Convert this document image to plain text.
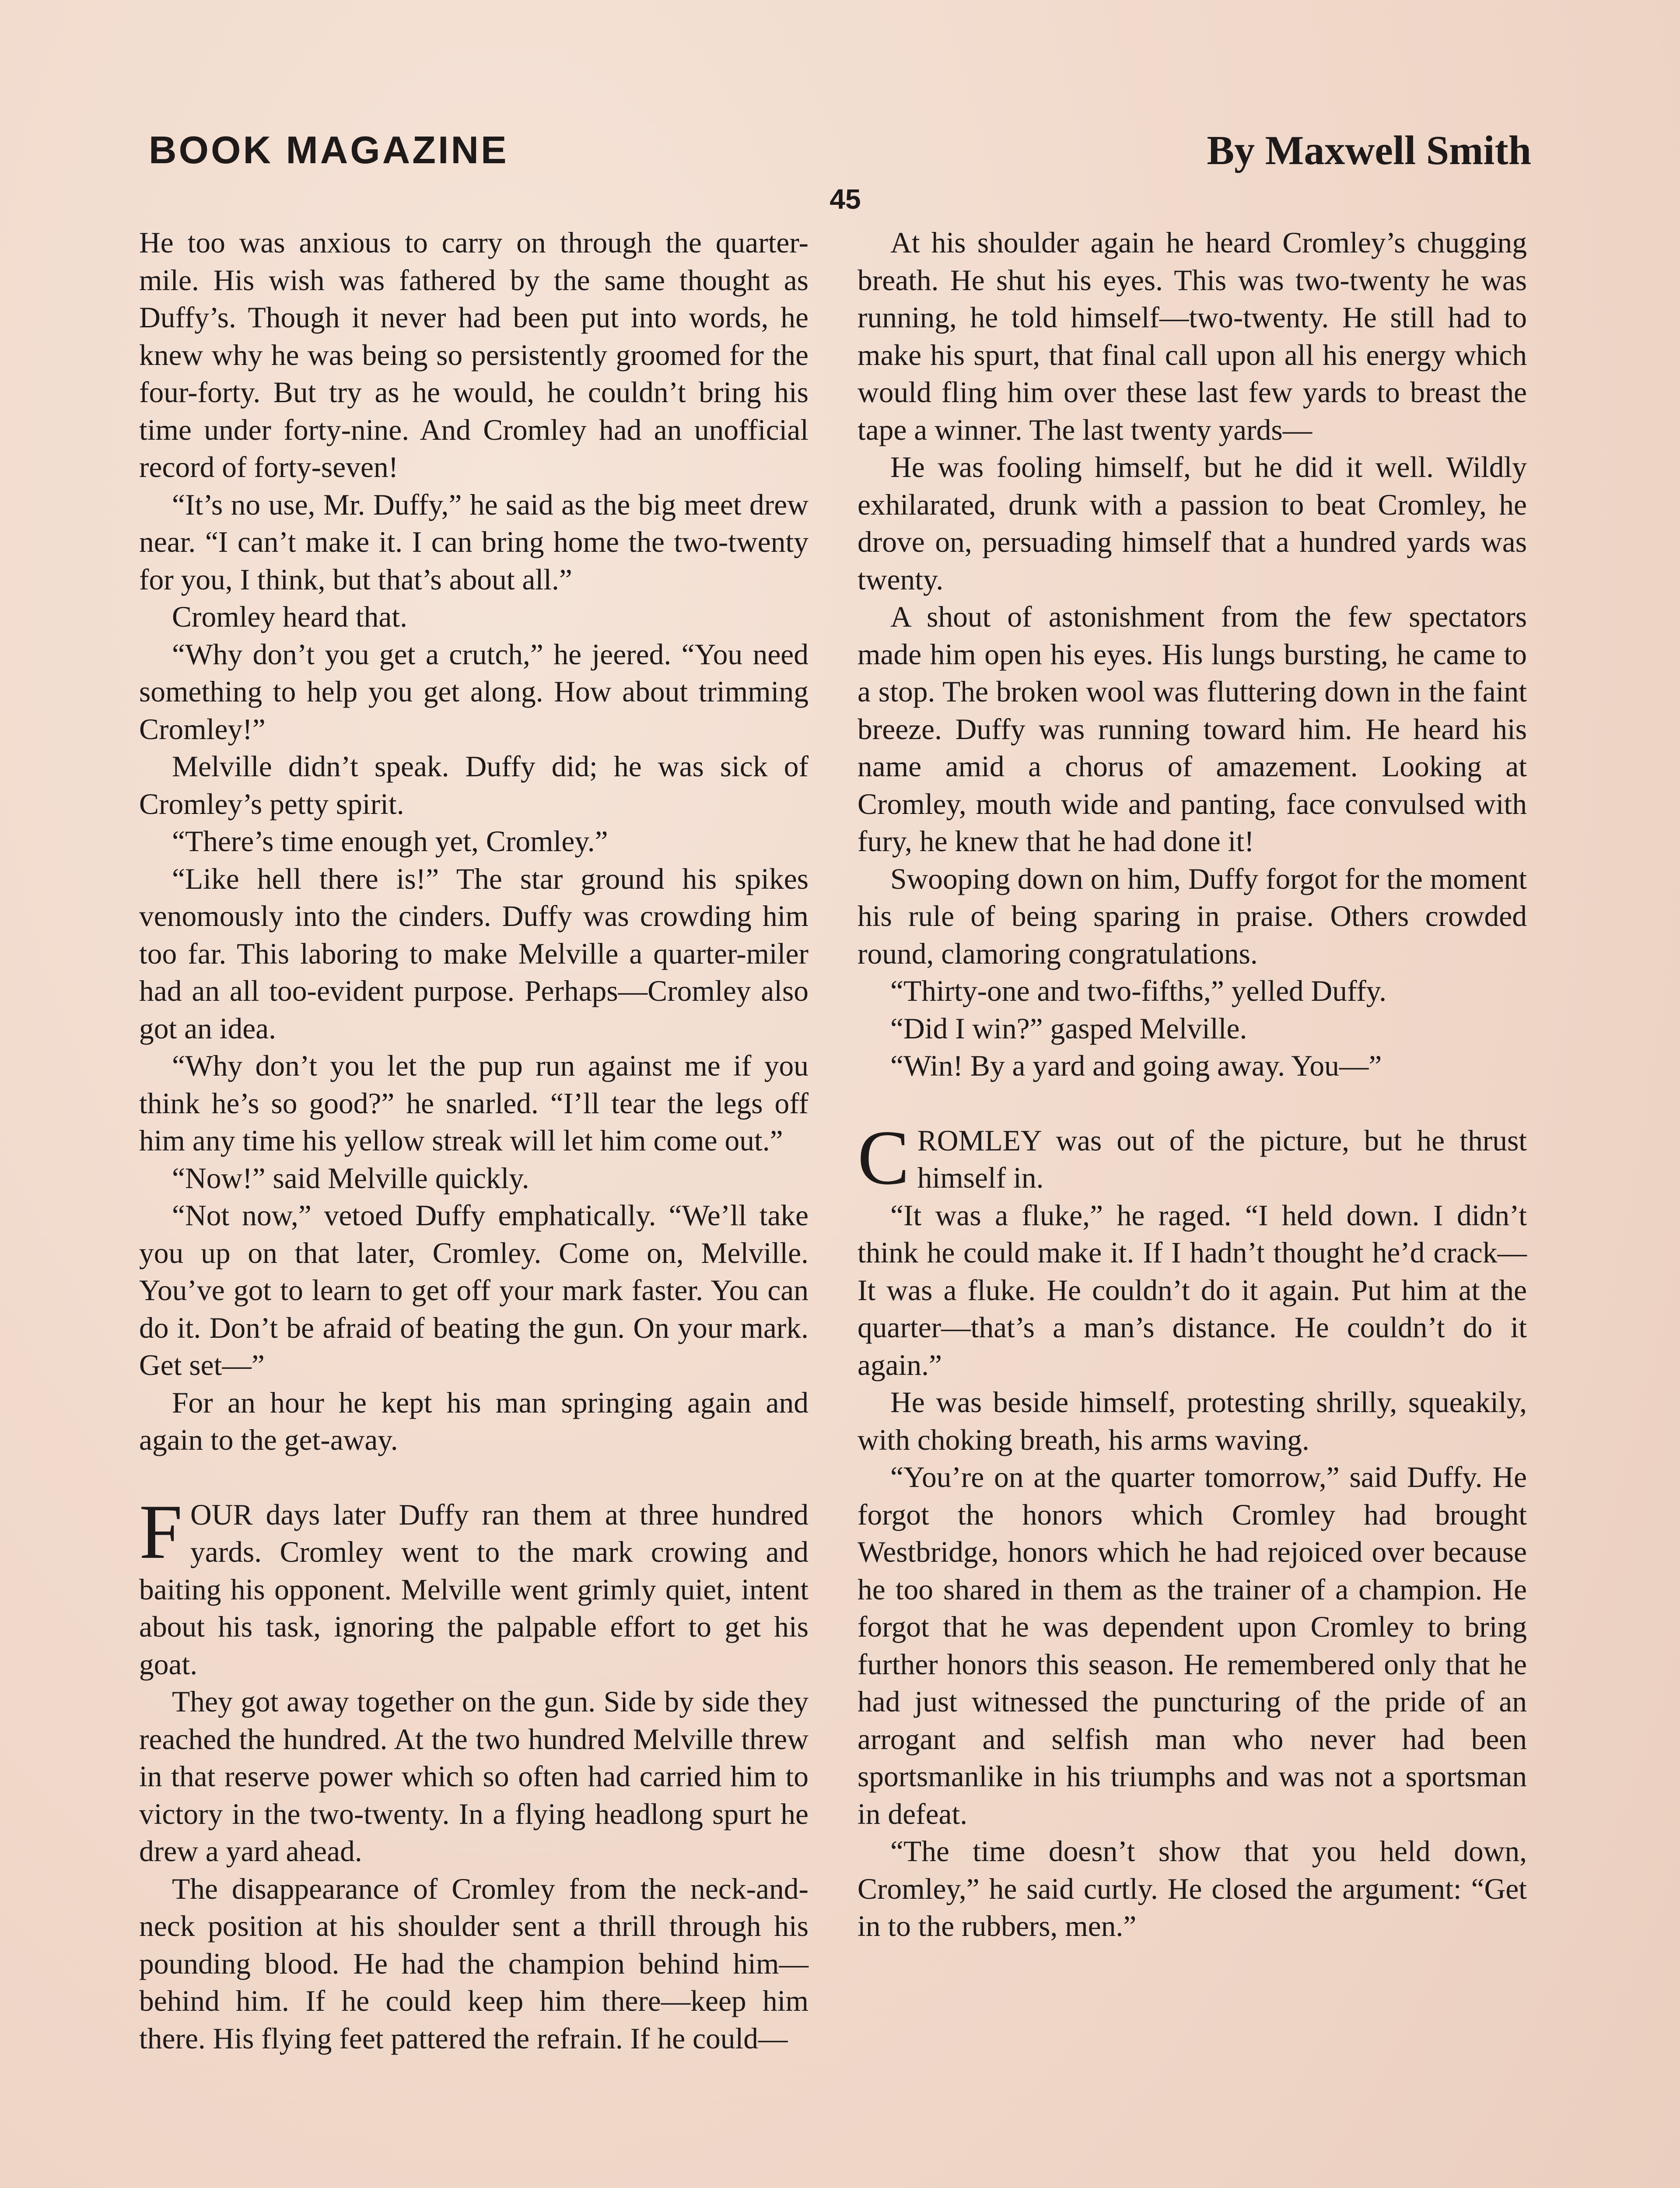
BOOK MAGAZINE	By Maxwell Smith
45

He too was anxious to carry on through the quarter-mile. His wish was fathered by the same thought as Duffy’s. Though it never had been put into words, he knew why he was being so persistently groomed for the four-forty. But try as he would, he couldn’t bring his time under forty-nine. And Cromley had an unofficial record of forty-seven!

“It’s no use, Mr. Duffy,” he said as the big meet drew near. “I can’t make it. I can bring home the two-twenty for you, I think, but that’s about all.”

Cromley heard that.

“Why don’t you get a crutch,” he jeered. “You need something to help you get along. How about trimming Cromley!”

Melville didn’t speak. Duffy did; he was sick of Cromley’s petty spirit.

“There’s time enough yet, Cromley.”

“Like hell there is!” The star ground his spikes venomously into the cinders. Duffy was crowding him too far. This laboring to make Melville a quarter-miler had an all too-evident purpose. Perhaps—Cromley also got an idea.

“Why don’t you let the pup run against me if you think he’s so good?” he snarled. “I’ll tear the legs off him any time his yellow streak will let him come out.”

“Now!” said Melville quickly.

“Not now,” vetoed Duffy emphatically. “We’ll take you up on that later, Cromley. Come on, Melville. You’ve got to learn to get off your mark faster. You can do it. Don’t be afraid of beating the gun. On your mark. Get set—”

For an hour he kept his man springing again and again to the get-away.

FOUR days later Duffy ran them at three hundred yards. Cromley went to the mark crowing and baiting his opponent. Melville went grimly quiet, intent about his task, ignoring the palpable effort to get his goat.

They got away together on the gun. Side by side they reached the hundred. At the two hundred Melville threw in that reserve power which so often had carried him to victory in the two-twenty. In a flying headlong spurt he drew a yard ahead.

The disappearance of Cromley from the neck-and-neck position at his shoulder sent a thrill through his pounding blood. He had the champion behind him—behind him. If he could keep him there—keep him there. His flying feet pattered the refrain. If he could—

At his shoulder again he heard Cromley’s chugging breath. He shut his eyes. This was two-twenty he was running, he told himself—two-twenty. He still had to make his spurt, that final call upon all his energy which would fling him over these last few yards to breast the tape a winner. The last twenty yards—

He was fooling himself, but he did it well. Wildly exhilarated, drunk with a passion to beat Cromley, he drove on, persuading himself that a hundred yards was twenty.

A shout of astonishment from the few spectators made him open his eyes. His lungs bursting, he came to a stop. The broken wool was fluttering down in the faint breeze. Duffy was running toward him. He heard his name amid a chorus of amazement. Looking at Cromley, mouth wide and panting, face convulsed with fury, he knew that he had done it!

Swooping down on him, Duffy forgot for the moment his rule of being sparing in praise. Others crowded round, clamoring congratulations.

“Thirty-one and two-fifths,” yelled Duffy.

“Did I win?” gasped Melville.

“Win! By a yard and going away. You—”

CROMLEY was out of the picture, but he thrust himself in.

“It was a fluke,” he raged. “I held down. I didn’t think he could make it. If I hadn’t thought he’d crack— It was a fluke. He couldn’t do it again. Put him at the quarter—that’s a man’s distance. He couldn’t do it again.”

He was beside himself, protesting shrilly, squeakily, with choking breath, his arms waving.

“You’re on at the quarter tomorrow,” said Duffy. He forgot the honors which Cromley had brought Westbridge, honors which he had rejoiced over because he too shared in them as the trainer of a champion. He forgot that he was dependent upon Cromley to bring further honors this season. He remembered only that he had just witnessed the puncturing of the pride of an arrogant and selfish man who never had been sportsmanlike in his triumphs and was not a sportsman in defeat.

“The time doesn’t show that you held down, Cromley,” he said curtly. He closed the argument: “Get in to the rubbers, men.”
